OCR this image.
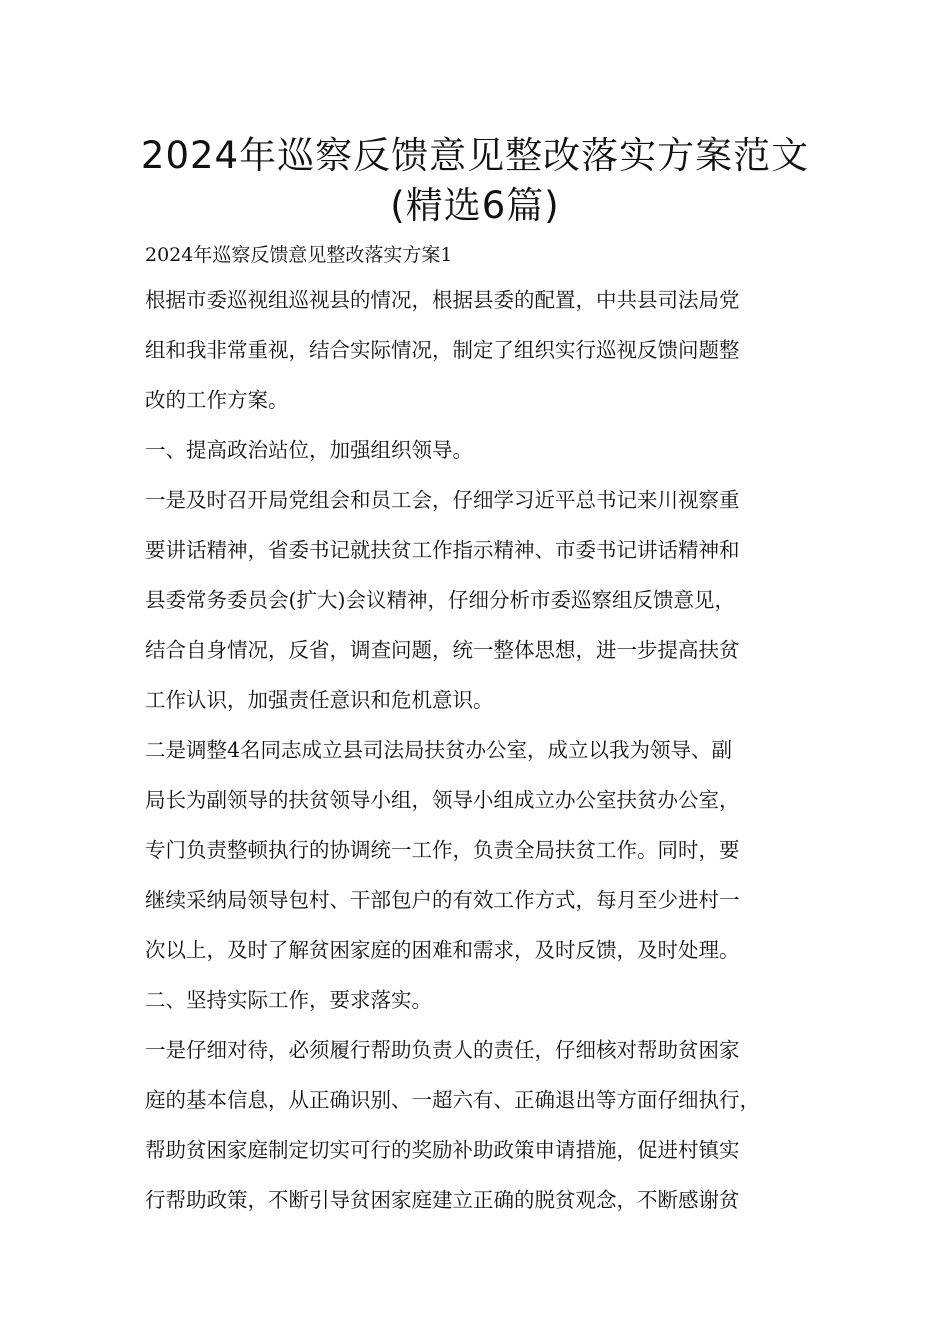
2024年巡察反馈意见整改落实方案范文
(精选6篇)
2024年巡察反馈意见整改落实方案1
根据市委巡视组巡视县的情况，根据县委的配置，中共县司法局党
组和我非常重视，结合实际情况，制定了组织实行巡视反馈问题整
改的工作方案。
一、提高政治站位，加强组织领导。
一是及时召开局党组会和员工会，仔细学习近平总书记来川视察重
要讲话精神，省委书记就扶贫工作指示精神、市委书记讲话精神和
县委常务委员会(扩大)会议精神，仔细分析市委巡察组反馈意见，
结合自身情况，反省，调查问题，统一整体思想，进一步提高扶贫
工作认识，加强责任意识和危机意识。
二是调整4名同志成立县司法局扶贫办公室，成立以我为领导、副
局长为副领导的扶贫领导小组，领导小组成立办公室扶贫办公室，
专门负责整顿执行的协调统一工作，负责全局扶贫工作。同时，要
继续采纳局领导包村、干部包户的有效工作方式，每月至少进村一
次以上，及时了解贫困家庭的困难和需求，及时反馈，及时处理。
二、坚持实际工作，要求落实。
一是仔细对待，必须履行帮助负责人的责任，仔细核对帮助贫困家
庭的基本信息，从正确识别、一超六有、正确退出等方面仔细执行，
帮助贫困家庭制定切实可行的奖励补助政策申请措施，促进村镇实
行帮助政策，不断引导贫困家庭建立正确的脱贫观念，不断感谢贫
